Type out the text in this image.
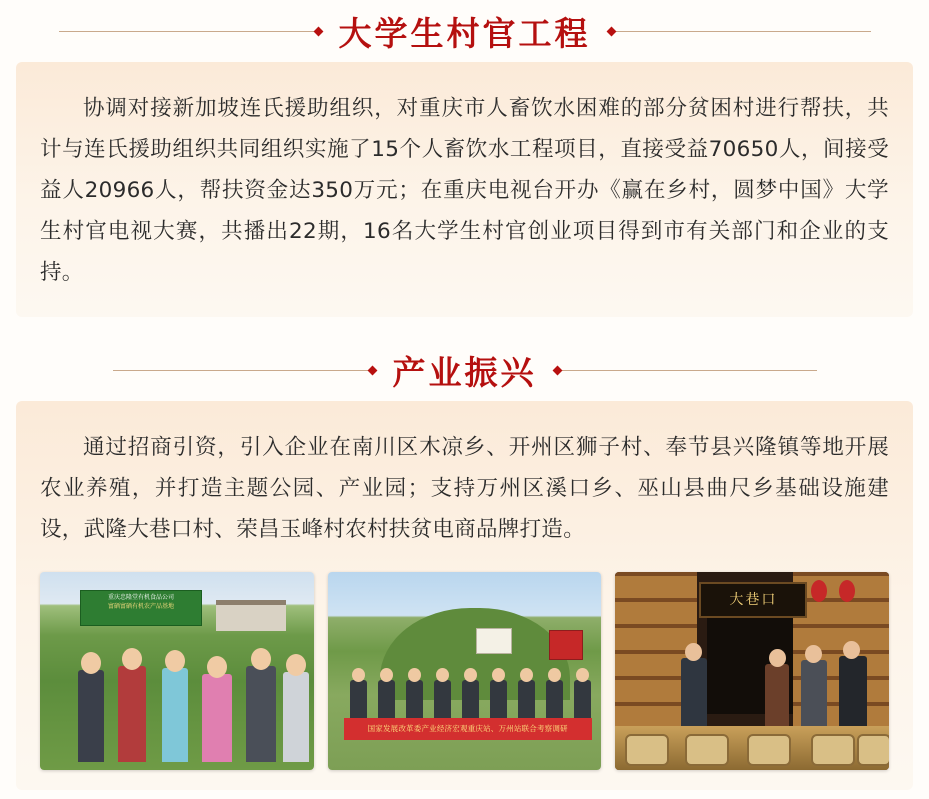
大学生村官工程

协调对接新加坡连氏援助组织，对重庆市人畜饮水困难的部分贫困村进行帮扶，共计与连氏援助组织共同组织实施了15个人畜饮水工程项目，直接受益70650人，间接受益人20966人，帮扶资金达350万元；在重庆电视台开办《赢在乡村，圆梦中国》大学生村官电视大赛，共播出22期，16名大学生村官创业项目得到市有关部门和企业的支持。

产业振兴

通过招商引资，引入企业在南川区木凉乡、开州区狮子村、奉节县兴隆镇等地开展农业养殖，并打造主题公园、产业园；支持万州区溪口乡、巫山县曲尺乡基础设施建设，武隆大巷口村、荣昌玉峰村农村扶贫电商品牌打造。

重庆忠隆堂有机食品公司
富硒富硒有机农产品基地
国家发展改革委产业经济宏观重庆站、万州站联合考察调研
大巷口
